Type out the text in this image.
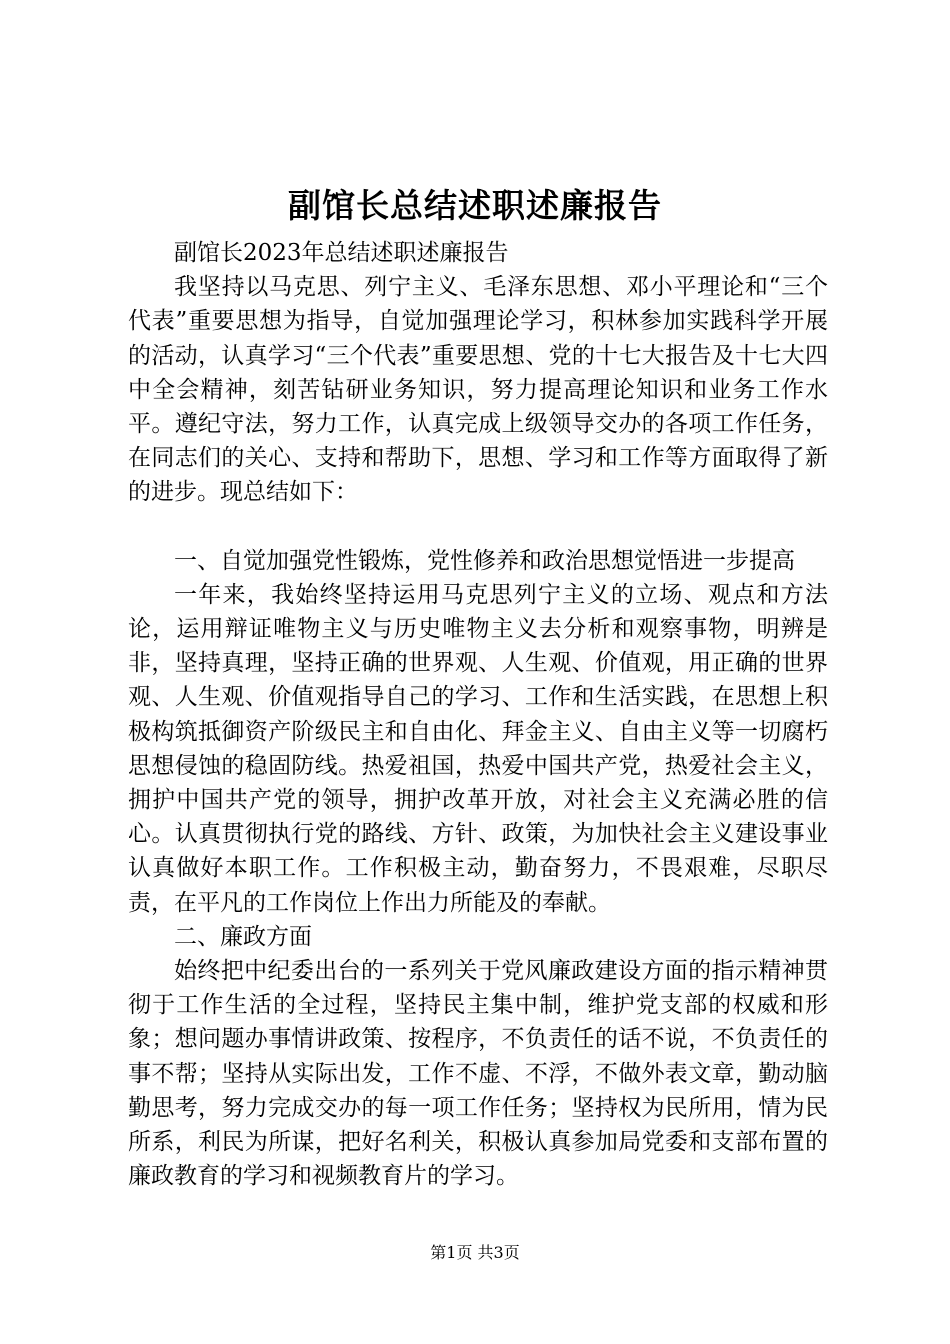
副馆长总结述职述廉报告

副馆长2023年总结述职述廉报告

我坚持以马克思、列宁主义、毛泽东思想、邓小平理论和“三个代表”重要思想为指导，自觉加强理论学习，积林参加实践科学开展的活动，认真学习“三个代表”重要思想、党的十七大报告及十七大四中全会精神，刻苦钻研业务知识，努力提高理论知识和业务工作水平。遵纪守法，努力工作，认真完成上级领导交办的各项工作任务，在同志们的关心、支持和帮助下，思想、学习和工作等方面取得了新的进步。现总结如下：

一、自觉加强党性锻炼，党性修养和政治思想觉悟进一步提高

一年来，我始终坚持运用马克思列宁主义的立场、观点和方法论，运用辩证唯物主义与历史唯物主义去分析和观察事物，明辨是非，坚持真理，坚持正确的世界观、人生观、价值观，用正确的世界观、人生观、价值观指导自己的学习、工作和生活实践，在思想上积极构筑抵御资产阶级民主和自由化、拜金主义、自由主义等一切腐朽思想侵蚀的稳固防线。热爱祖国，热爱中国共产党，热爱社会主义，拥护中国共产党的领导，拥护改革开放，对社会主义充满必胜的信心。认真贯彻执行党的路线、方针、政策，为加快社会主义建设事业认真做好本职工作。工作积极主动，勤奋努力，不畏艰难，尽职尽责，在平凡的工作岗位上作出力所能及的奉献。

二、廉政方面

始终把中纪委出台的一系列关于党风廉政建设方面的指示精神贯彻于工作生活的全过程，坚持民主集中制，维护党支部的权威和形象；想问题办事情讲政策、按程序，不负责任的话不说，不负责任的事不帮；坚持从实际出发，工作不虚、不浮，不做外表文章，勤动脑勤思考，努力完成交办的每一项工作任务；坚持权为民所用，情为民所系，利民为所谋，把好名利关，积极认真参加局党委和支部布置的廉政教育的学习和视频教育片的学习。

第1页 共3页
